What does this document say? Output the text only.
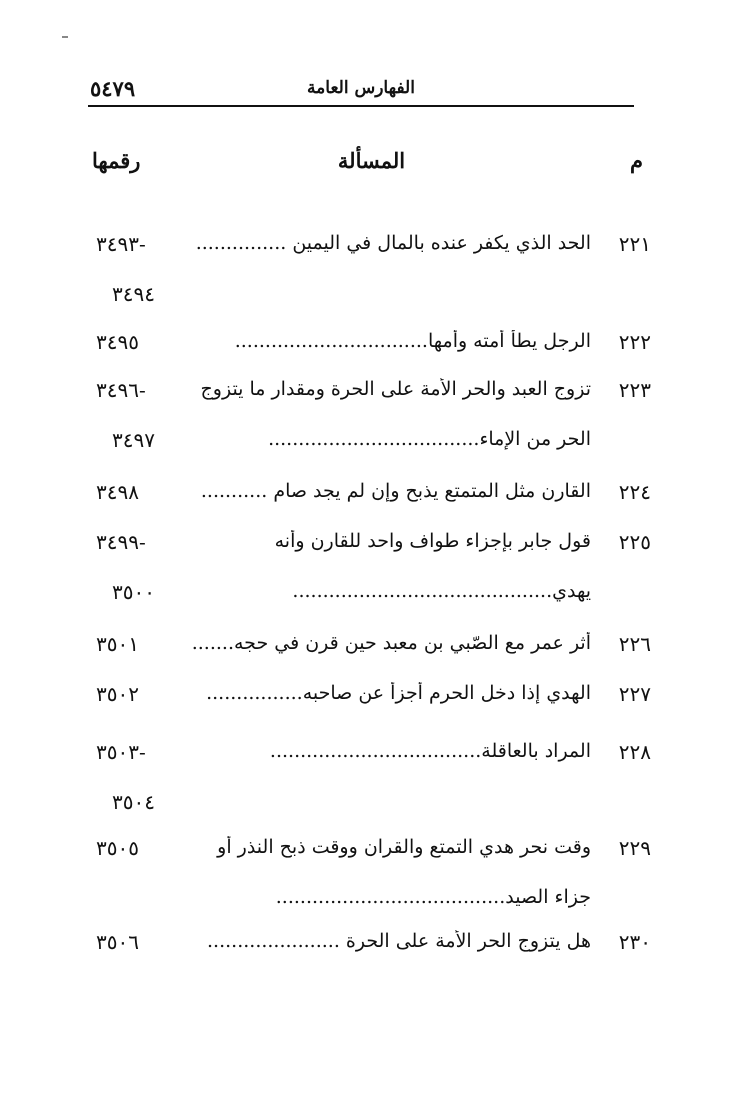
٥٤٧٩	الفهارس العامة
م
المسألة
رقمها
٢٢١
الحد الذي يكفر عنده بالمال في اليمين ...............
-٣٤٩٣
٣٤٩٤
٢٢٢
الرجل يطأ أمته وأمها................................
٣٤٩٥
٢٢٣
تزوج العبد والحر الأمة على الحرة ومقدار ما يتزوج
الحر من الإماء...................................
-٣٤٩٦
٣٤٩٧
٢٢٤
القارن مثل المتمتع يذبح وإن لم يجد صام ...........
٣٤٩٨
٢٢٥
قول جابر بإجزاء طواف واحد للقارن وأنه
يهدي...........................................
-٣٤٩٩
٣٥٠٠
٢٢٦
أثر عمر مع الصّبي بن معبد حين قرن في حجه.......
٣٥٠١
٢٢٧
الهدي إذا دخل الحرم أجزأ عن صاحبه................
٣٥٠٢
٢٢٨
المراد بالعاقلة...................................
-٣٥٠٣
٣٥٠٤
٢٢٩
وقت نحر هدي التمتع والقران ووقت ذبح النذر أو
جزاء الصيد......................................
٣٥٠٥
٢٣٠
هل يتزوج الحر الأمة على الحرة ......................
٣٥٠٦
